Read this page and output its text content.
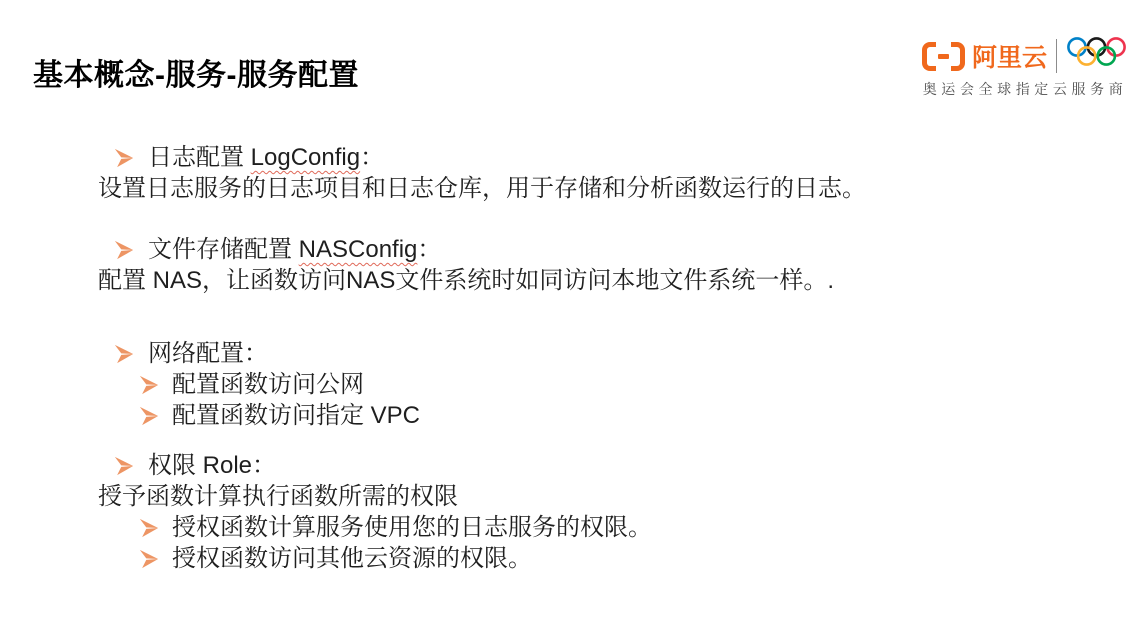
基本概念-服务-服务配置
阿里云
奥运会全球指定云服务商
日志配置 LogConfig：

设置日志服务的日志项目和日志仓库，用于存储和分析函数运行的日志。

文件存储配置 NASConfig：

配置 NAS，让函数访问NAS文件系统时如同访问本地文件系统一样。.

网络配置：
配置函数访问公网
配置函数访问指定 VPC
权限 Role：

授予函数计算执行函数所需的权限

授权函数计算服务使用您的日志服务的权限。
授权函数访问其他云资源的权限。
